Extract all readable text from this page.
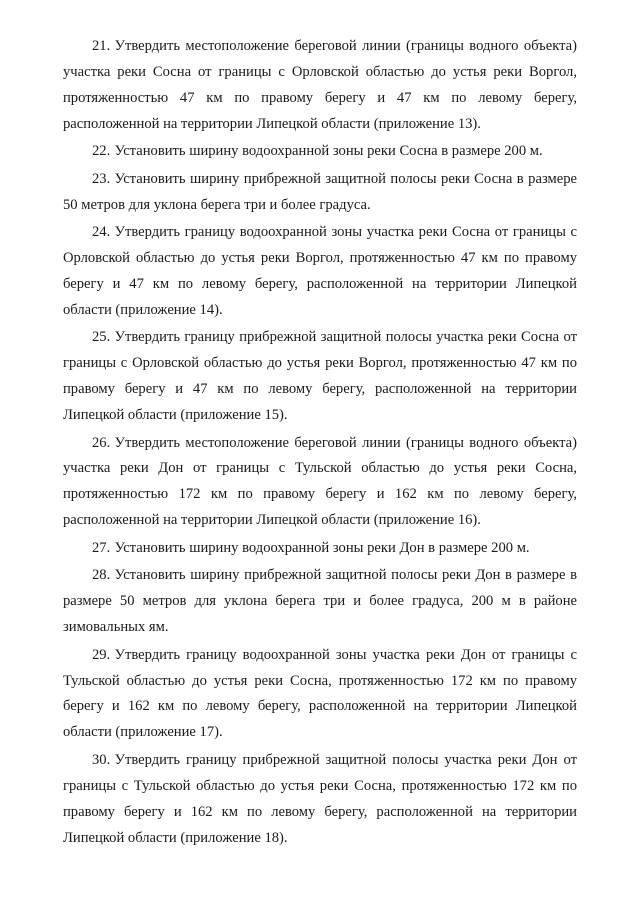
21. Утвердить местоположение береговой линии (границы водного объекта) участка реки Сосна от границы с Орловской областью до устья реки Воргол, протяженностью 47 км по правому берегу и 47 км по левому берегу, расположенной на территории Липецкой области (приложение 13).

22. Установить ширину водоохранной зоны реки Сосна в размере 200 м.

23. Установить ширину прибрежной защитной полосы реки Сосна в размере 50 метров для уклона берега три и более градуса.

24. Утвердить границу водоохранной зоны участка реки Сосна от границы с Орловской областью до устья реки Воргол, протяженностью 47 км по правому берегу и 47 км по левому берегу, расположенной на территории Липецкой области (приложение 14).

25. Утвердить границу прибрежной защитной полосы участка реки Сосна от границы с Орловской областью до устья реки Воргол, протяженностью 47 км по правому берегу и 47 км по левому берегу, расположенной на территории Липецкой области (приложение 15).

26. Утвердить местоположение береговой линии (границы водного объекта) участка реки Дон от границы с Тульской областью до устья реки Сосна, протяженностью 172 км по правому берегу и 162 км по левому берегу, расположенной на территории Липецкой области (приложение 16).

27. Установить ширину водоохранной зоны реки Дон в размере 200 м.

28. Установить ширину прибрежной защитной полосы реки Дон в размере в размере 50 метров для уклона берега три и более градуса, 200 м в районе зимовальных ям.

29. Утвердить границу водоохранной зоны участка реки Дон от границы с Тульской областью до устья реки Сосна, протяженностью 172 км по правому берегу и 162 км по левому берегу, расположенной на территории Липецкой области (приложение 17).

30. Утвердить границу прибрежной защитной полосы участка реки Дон от границы с Тульской областью до устья реки Сосна, протяженностью 172 км по правому берегу и 162 км по левому берегу, расположенной на территории Липецкой области (приложение 18).
